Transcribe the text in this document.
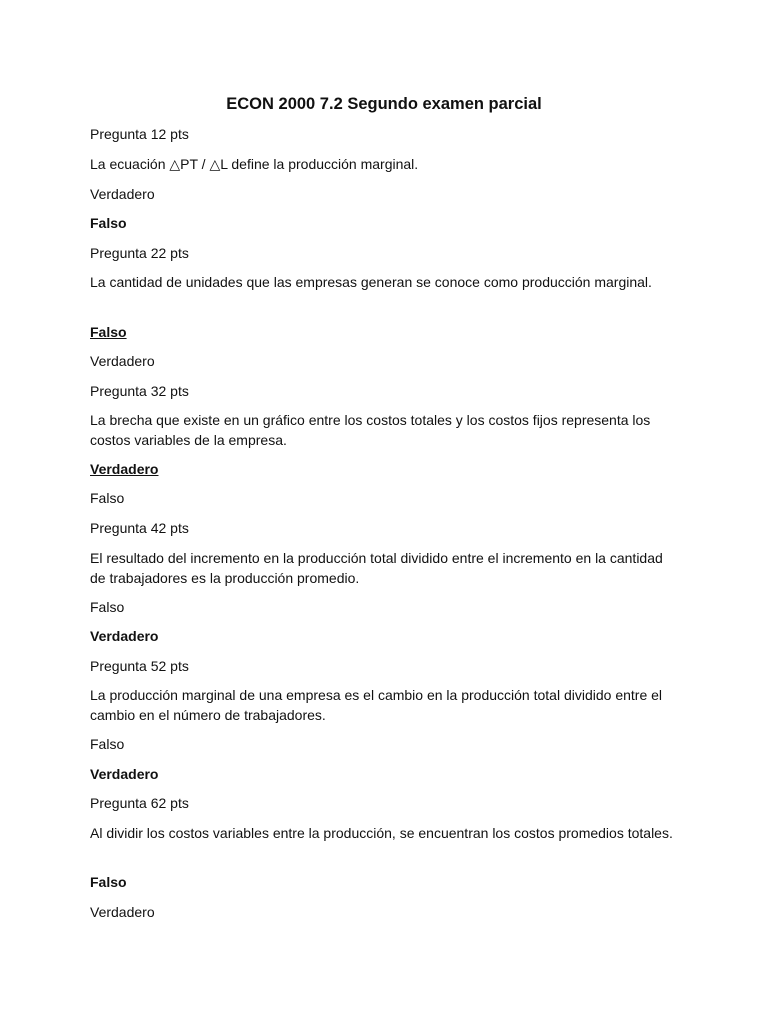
ECON 2000 7.2 Segundo examen parcial
Pregunta 12 pts
La ecuación △PT / △L define la producción marginal.
Verdadero
Falso
Pregunta 22 pts
La cantidad de unidades que las empresas generan se conoce como producción marginal.
Falso
Verdadero
Pregunta 32 pts
La brecha que existe en un gráfico entre los costos totales y los costos fijos representa los costos variables de la empresa.
Verdadero
Falso
Pregunta 42 pts
El resultado del incremento en la producción total dividido entre el incremento en la cantidad de trabajadores es la producción promedio.
Falso
Verdadero
Pregunta 52 pts
La producción marginal de una empresa es el cambio en la producción total dividido entre el cambio en el número de trabajadores.
Falso
Verdadero
Pregunta 62 pts
Al dividir los costos variables entre la producción, se encuentran los costos promedios totales.
Falso
Verdadero
